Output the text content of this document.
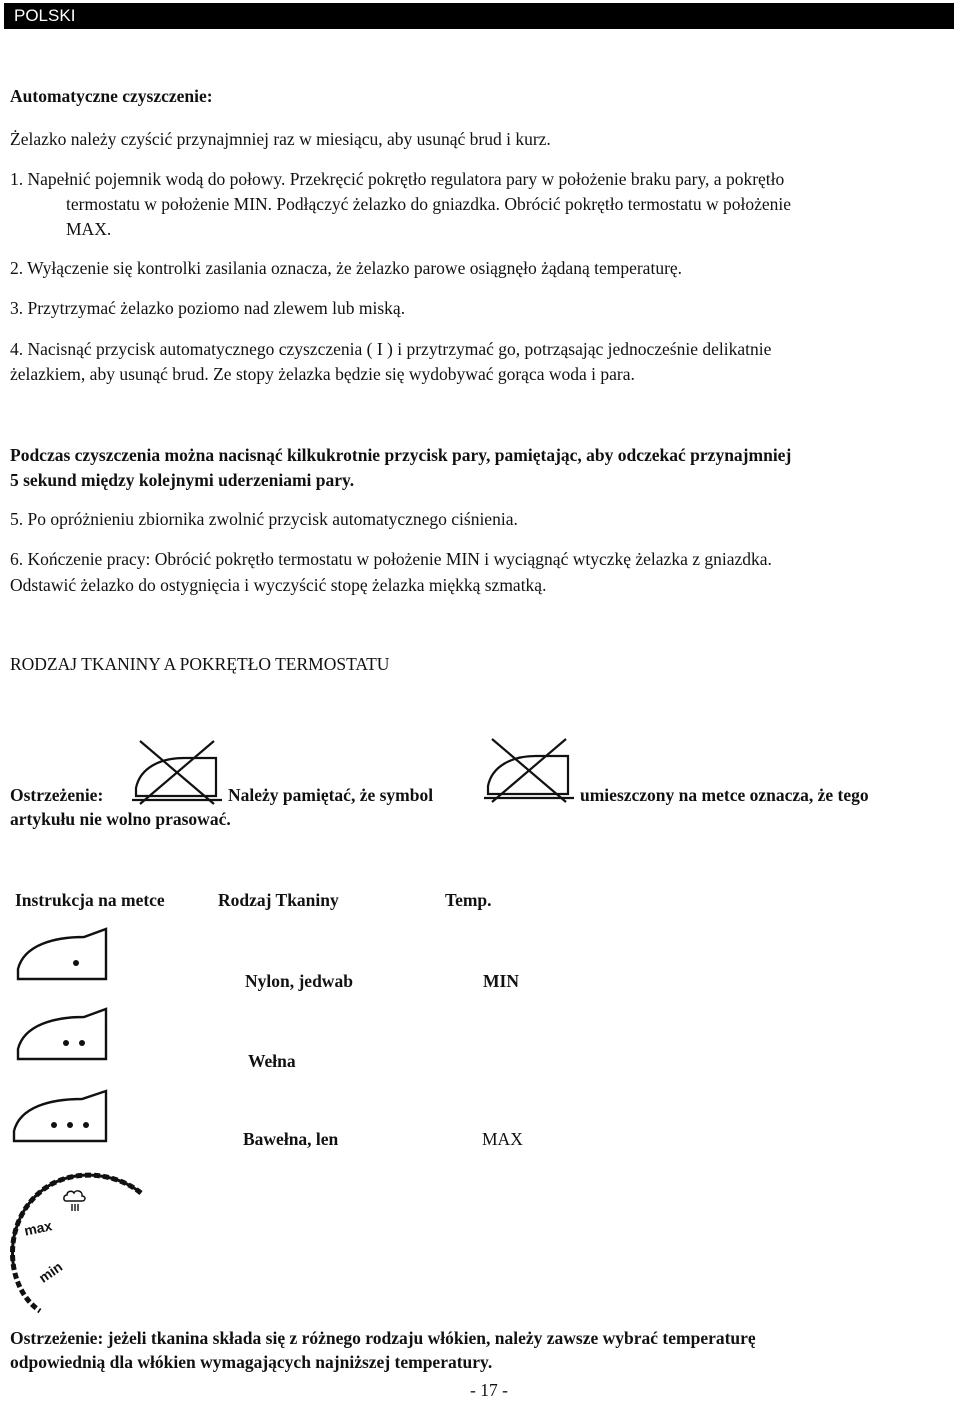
POLSKI
Automatyczne czyszczenie:
Żelazko należy czyścić przynajmniej raz w miesiącu, aby usunąć brud i kurz.
1. Napełnić pojemnik wodą do połowy. Przekręcić pokrętło regulatora pary w położenie braku pary, a pokrętło
termostatu w położenie MIN. Podłączyć żelazko do gniazdka. Obrócić pokrętło termostatu w położenie
MAX.
2. Wyłączenie się kontrolki zasilania oznacza, że żelazko parowe osiągnęło żądaną temperaturę.
3. Przytrzymać żelazko poziomo nad zlewem lub miską.
4. Nacisnąć przycisk automatycznego czyszczenia ( I ) i przytrzymać go, potrząsając jednocześnie delikatnie
żelazkiem, aby usunąć brud. Ze stopy żelazka będzie się wydobywać gorąca woda i para.
Podczas czyszczenia można nacisnąć kilkukrotnie przycisk pary, pamiętając, aby odczekać przynajmniej
5 sekund między kolejnymi uderzeniami pary.
5. Po opróżnieniu zbiornika zwolnić przycisk automatycznego ciśnienia.
6. Kończenie pracy: Obrócić pokrętło termostatu w położenie MIN i wyciągnąć wtyczkę żelazka z gniazdka.
Odstawić żelazko do ostygnięcia i wyczyścić stopę żelazka miękką szmatką.
RODZAJ TKANINY A POKRĘTŁO TERMOSTATU
Ostrzeżenie:	Należy pamiętać, że symbol	umieszczony na metce oznacza, że tego
artykułu nie wolno prasować.
Instrukcja na metce	Rodzaj Tkaniny	Temp.
Nylon, jedwab	MIN
Wełna
Bawełna, len	MAX
max
min
Ostrzeżenie: jeżeli tkanina składa się z różnego rodzaju włókien, należy zawsze wybrać temperaturę
odpowiednią dla włókien wymagających najniższej temperatury.
- 17 -
